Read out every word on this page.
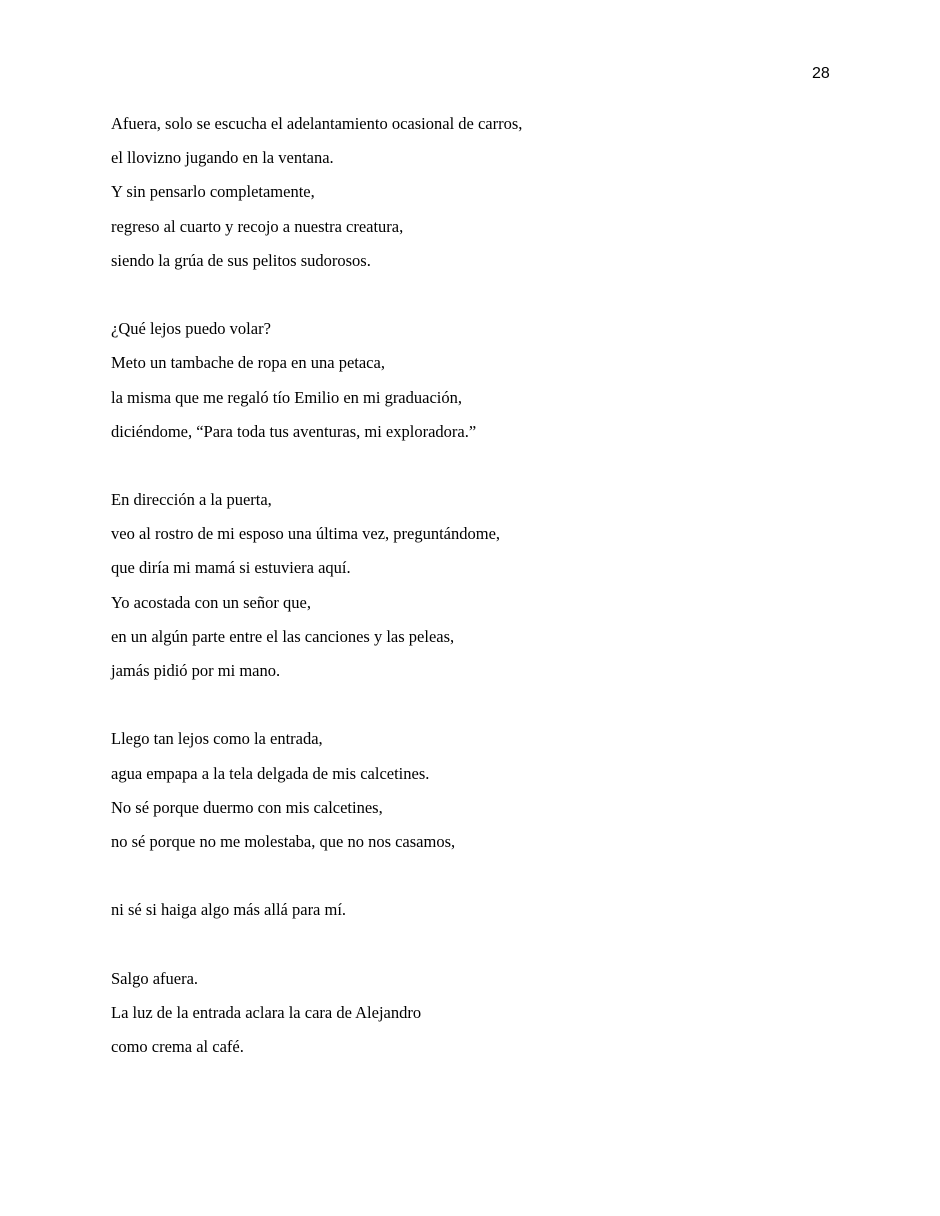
28
Afuera, solo se escucha el adelantamiento ocasional de carros,
el llovizno jugando en la ventana.
Y sin pensarlo completamente,
regreso al cuarto y recojo a nuestra creatura,
siendo la grúa de sus pelitos sudorosos.
¿Qué lejos puedo volar?
Meto un tambache de ropa en una petaca,
la misma que me regaló tío Emilio en mi graduación,
diciéndome, “Para toda tus aventuras, mi exploradora.”
En dirección a la puerta,
veo al rostro de mi esposo una última vez, preguntándome,
que diría mi mamá si estuviera aquí.
Yo acostada con un señor que,
en un algún parte entre el las canciones y las peleas,
jamás pidió por mi mano.
Llego tan lejos como la entrada,
agua empapa a la tela delgada de mis calcetines.
No sé porque duermo con mis calcetines,
no sé porque no me molestaba, que no nos casamos,
ni sé si haiga algo más allá para mí.
Salgo afuera.
La luz de la entrada aclara la cara de Alejandro
como crema al café.
